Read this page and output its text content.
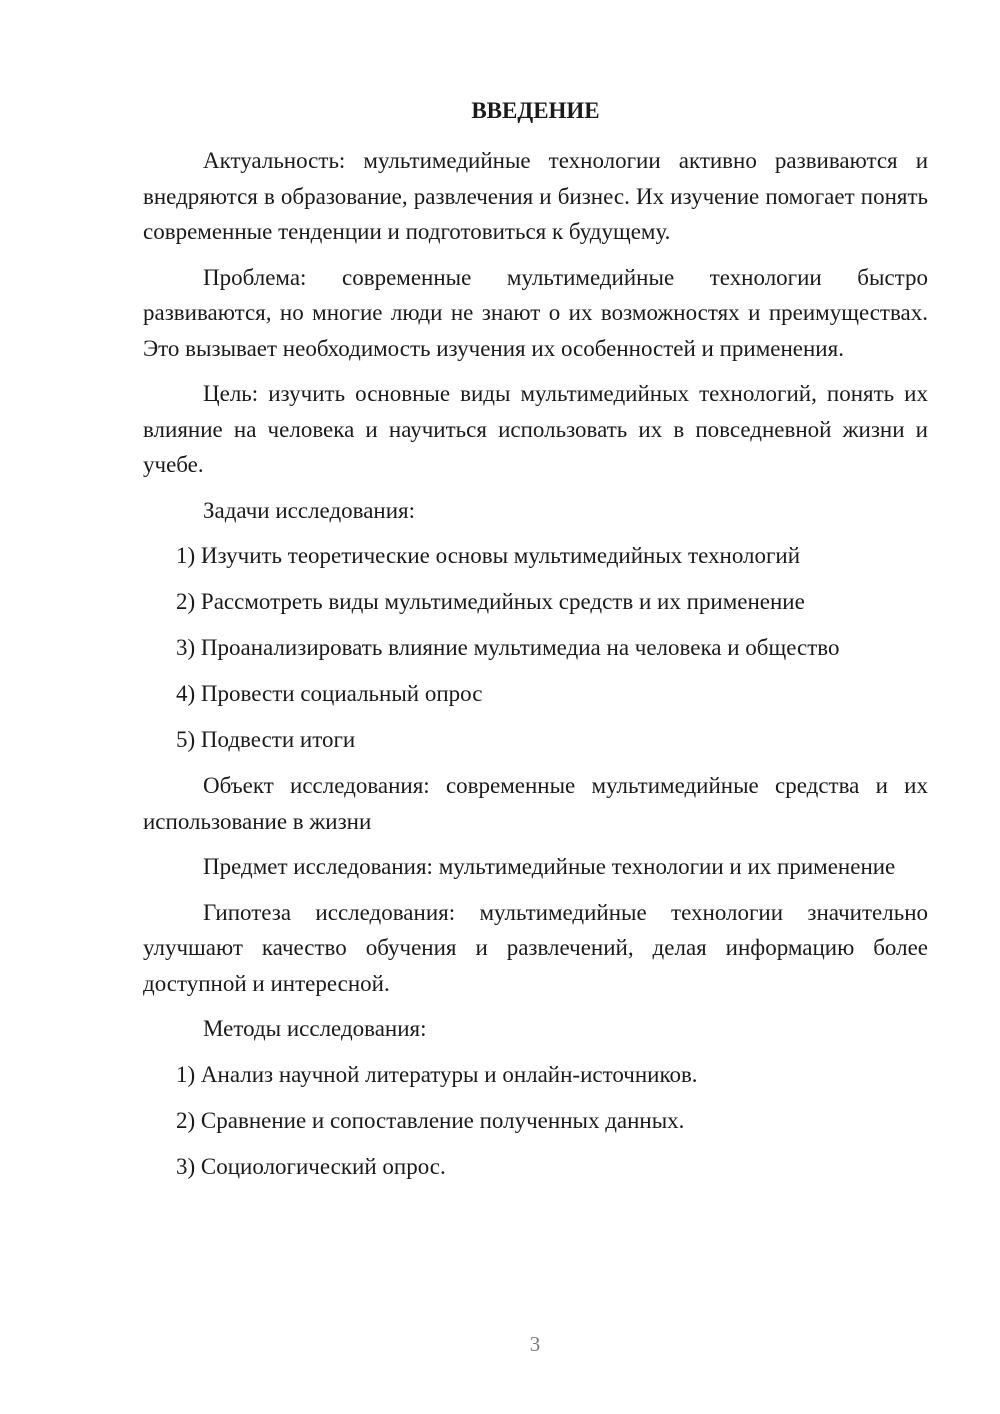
ВВЕДЕНИЕ

Актуальность: мультимедийные технологии активно развиваются и внедряются в образование, развлечения и бизнес. Их изучение помогает понять современные тенденции и подготовиться к будущему.

Проблема: современные мультимедийные технологии быстро развиваются, но многие люди не знают о их возможностях и преимуществах. Это вызывает необходимость изучения их особенностей и применения.

Цель: изучить основные виды мультимедийных технологий, понять их влияние на человека и научиться использовать их в повседневной жизни и учебе.

Задачи исследования:

1) Изучить теоретические основы мультимедийных технологий

2) Рассмотреть виды мультимедийных средств и их применение

3) Проанализировать влияние мультимедиа на человека и общество

4) Провести социальный опрос

5) Подвести итоги

Объект исследования: современные мультимедийные средства и их использование в жизни

Предмет исследования: мультимедийные технологии и их применение

Гипотеза исследования: мультимедийные технологии значительно улучшают качество обучения и развлечений, делая информацию более доступной и интересной.

Методы исследования:

1) Анализ научной литературы и онлайн-источников.

2) Сравнение и сопоставление полученных данных.

3) Социологический опрос.

3
